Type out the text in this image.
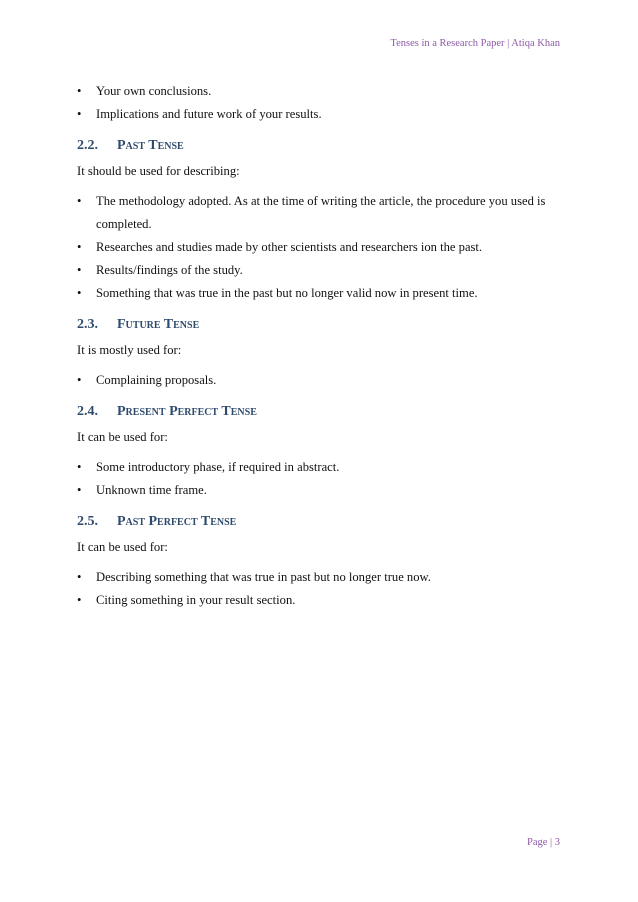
Tenses in a Research Paper | Atiqa Khan
• Your own conclusions.
• Implications and future work of your results.
2.2. Past Tense

It should be used for describing:

• The methodology adopted. As at the time of writing the article, the procedure you used is completed.
• Researches and studies made by other scientists and researchers ion the past.
• Results/findings of the study.
• Something that was true in the past but no longer valid now in present time.
2.3. Future Tense

It is mostly used for:

• Complaining proposals.
2.4. Present Perfect Tense

It can be used for:

• Some introductory phase, if required in abstract.
• Unknown time frame.
2.5. Past Perfect Tense

It can be used for:

• Describing something that was true in past but no longer true now.
• Citing something in your result section.
Page | 3
